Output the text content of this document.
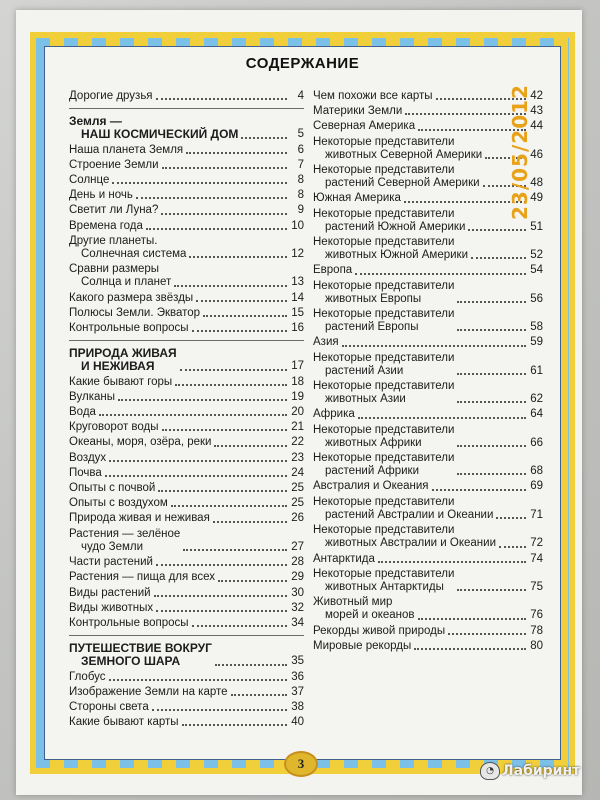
СОДЕРЖАНИЕ
Дорогие друзья	4
Земля —
НАШ КОСМИЧЕСКИЙ ДОМ	5
Наша планета Земля	6
Строение Земли	7
Солнце	8
День и ночь	8
Светит ли Луна?	9
Времена года	10
Другие планеты.
Солнечная система	12
Сравни размеры
Солнца и планет	13
Какого размера звёзды	14
Полюсы Земли. Экватор	15
Контрольные вопросы	16
ПРИРОДА ЖИВАЯ
И НЕЖИВАЯ	17
Какие бывают горы	18
Вулканы	19
Вода	20
Круговорот воды	21
Океаны, моря, озёра, реки	22
Воздух	23
Почва	24
Опыты с почвой	25
Опыты с воздухом	25
Природа живая и неживая	26
Растения — зелёное
чудо Земли	27
Части растений	28
Растения — пища для всех	29
Виды растений	30
Виды животных	32
Контрольные вопросы	34
ПУТЕШЕСТВИЕ ВОКРУГ
ЗЕМНОГО ШАРА	35
Глобус	36
Изображение Земли на карте	37
Стороны света	38
Какие бывают карты	40
Чем похожи все карты	42
Материки Земли	43
Северная Америка	44
Некоторые представители
животных Северной Америки	46
Некоторые представители
растений Северной Америки	48
Южная Америка	49
Некоторые представители
растений Южной Америки	51
Некоторые представители
животных Южной Америки	52
Европа	54
Некоторые представители
животных Европы	56
Некоторые представители
растений Европы	58
Азия	59
Некоторые представители
растений Азии	61
Некоторые представители
животных Азии	62
Африка	64
Некоторые представители
животных Африки	66
Некоторые представители
растений Африки	68
Австралия и Океания	69
Некоторые представители
растений Австралии и Океании	71
Некоторые представители
животных Австралии и Океании	72
Антарктида	74
Некоторые представители
животных Антарктиды	75
Животный мир
морей и океанов	76
Рекорды живой природы	78
Мировые рекорды	80
23/05/2012
3	◔ Лабиринт
